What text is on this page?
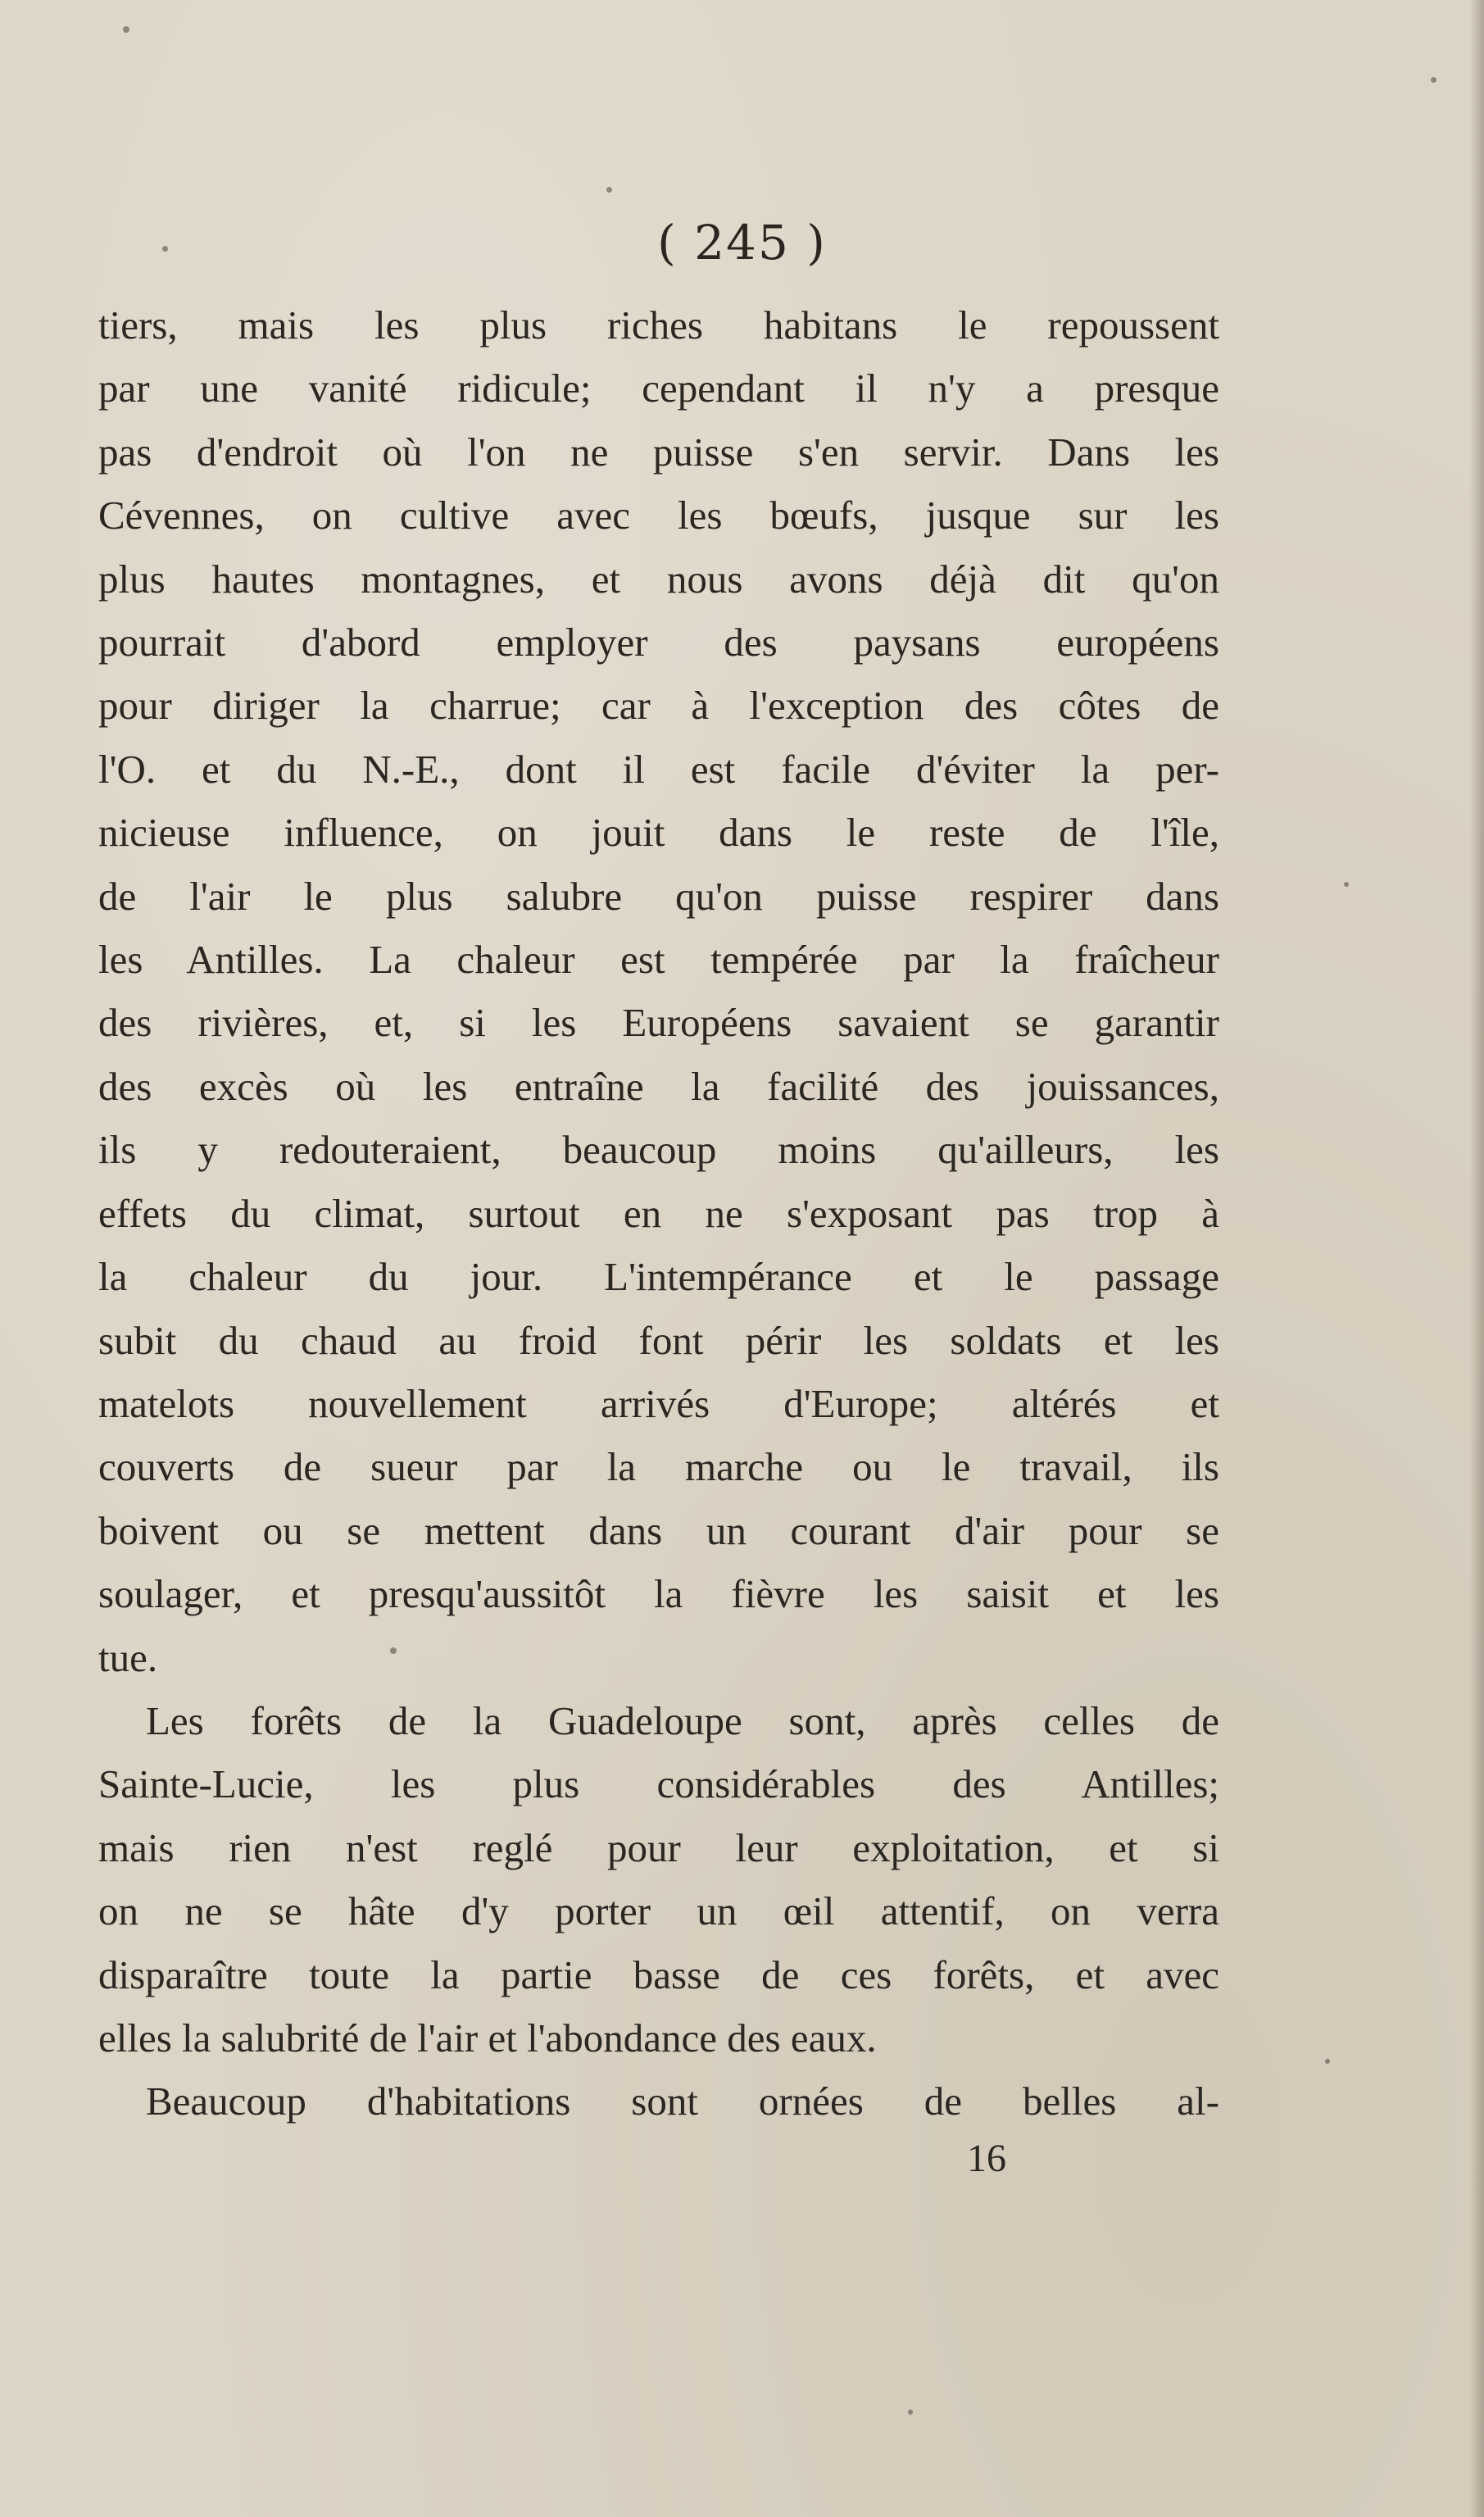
( 245 )
tiers, mais les plus riches habitans le repoussent
par une vanité ridicule; cependant il n'y a presque
pas d'endroit où l'on ne puisse s'en servir. Dans les
Cévennes, on cultive avec les bœufs, jusque sur les
plus hautes montagnes, et nous avons déjà dit qu'on
pourrait d'abord employer des paysans européens
pour diriger la charrue; car à l'exception des côtes de
l'O. et du N.-E., dont il est facile d'éviter la per-
nicieuse influence, on jouit dans le reste de l'île,
de l'air le plus salubre qu'on puisse respirer dans
les Antilles. La chaleur est tempérée par la fraîcheur
des rivières, et, si les Européens savaient se garantir
des excès où les entraîne la facilité des jouissances,
ils y redouteraient, beaucoup moins qu'ailleurs, les
effets du climat, surtout en ne s'exposant pas trop à
la chaleur du jour. L'intempérance et le passage
subit du chaud au froid font périr les soldats et les
matelots nouvellement arrivés d'Europe; altérés et
couverts de sueur par la marche ou le travail, ils
boivent ou se mettent dans un courant d'air pour se
soulager, et presqu'aussitôt la fièvre les saisit et les
tue.
Les forêts de la Guadeloupe sont, après celles de
Sainte-Lucie, les plus considérables des Antilles;
mais rien n'est reglé pour leur exploitation, et si
on ne se hâte d'y porter un œil attentif, on verra
disparaître toute la partie basse de ces forêts, et avec
elles la salubrité de l'air et l'abondance des eaux.
Beaucoup d'habitations sont ornées de belles al-
16
